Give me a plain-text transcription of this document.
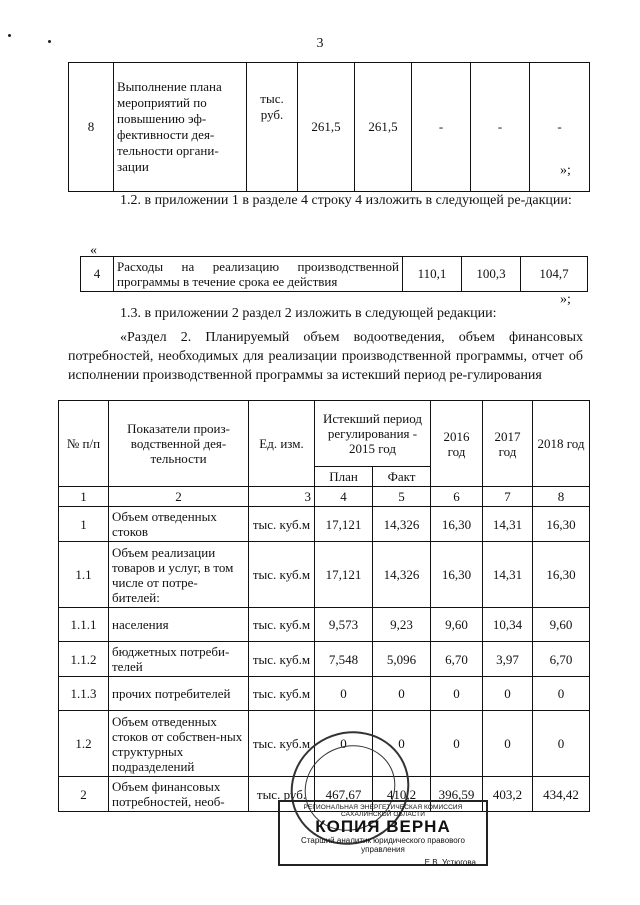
3
8	Выполнение плана мероприятий по повышению эф-фективности дея-тельности органи-зации	тыс. руб.	261,5	261,5	-	-	-
»;
1.2. в приложении 1 в разделе 4 строку 4 изложить в следующей ре-дакции:
«
4	Расходы на реализацию производственной программы в течение срока ее действия	110,1	100,3	104,7
»;
1.3. в приложении 2 раздел 2 изложить в следующей редакции:
«Раздел 2. Планируемый объем водоотведения, объем финансовых потребностей, необходимых для реализации производственной программы, отчет об исполнении производственной программы за истекший период ре-гулирования
№ п/п	Показатели произ-водственной дея-тельности	Ед. изм.	Истекший период регулирования - 2015 год		2016 год	2017 год	2018 год
			План	Факт			
1	2	3	4	5	6	7	8
1	Объем отведенных стоков	тыс. куб.м	17,121	14,326	16,30	14,31	16,30
1.1	Объем реализации товаров и услуг, в том числе от потре-бителей:	тыс. куб.м	17,121	14,326	16,30	14,31	16,30
1.1.1	населения	тыс. куб.м	9,573	9,23	9,60	10,34	9,60
1.1.2	бюджетных потреби-телей	тыс. куб.м	7,548	5,096	6,70	3,97	6,70
1.1.3	прочих потребителей	тыс. куб.м	0	0	0	0	0
1.2	Объем отведенных стоков от собствен-ных структурных подразделений	тыс. куб.м	0	0	0	0	0
2	Объем финансовых потребностей, необ-	тыс. руб.	467,67	410,2	396,59	403,2	434,42
РЕГИОНАЛЬНАЯ ЭНЕРГЕТИЧЕСКАЯ КОМИССИЯ САХАЛИНСКОЙ ОБЛАСТИ
КОПИЯ ВЕРНА
Старший аналитик юридического правового управления
Е.В. Устюгова
